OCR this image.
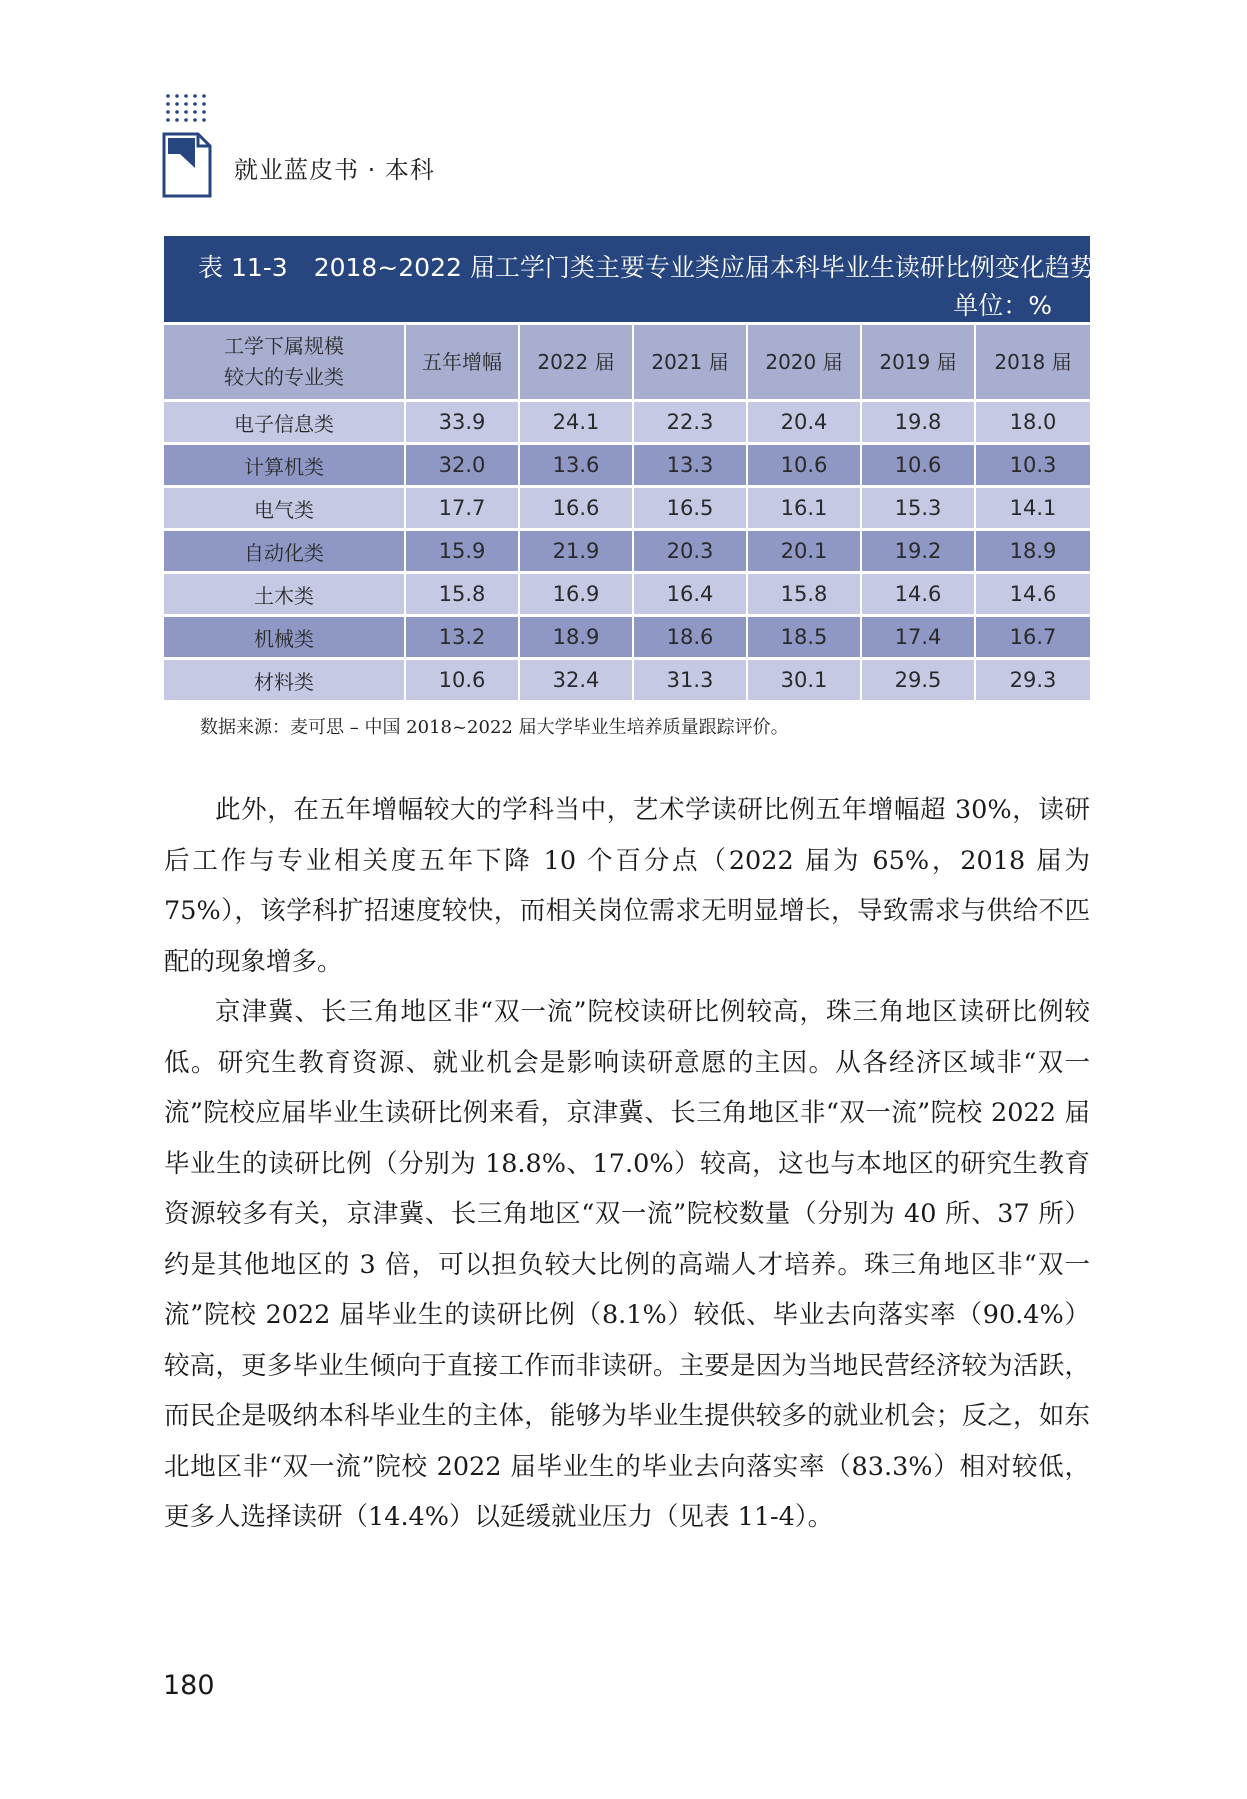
就业蓝皮书 · 本科
表 11-3 2018~2022 届工学门类主要专业类应届本科毕业生读研比例变化趋势
单位：%
工学下属规模
较大的专业类	五年增幅	2022 届	2021 届	2020 届	2019 届	2018 届
电子信息类	33.9	24.1	22.3	20.4	19.8	18.0
计算机类	32.0	13.6	13.3	10.6	10.6	10.3
电气类	17.7	16.6	16.5	16.1	15.3	14.1
自动化类	15.9	21.9	20.3	20.1	19.2	18.9
土木类	15.8	16.9	16.4	15.8	14.6	14.6
机械类	13.2	18.9	18.6	18.5	17.4	16.7
材料类	10.6	32.4	31.3	30.1	29.5	29.3
数据来源：麦可思 – 中国 2018~2022 届大学毕业生培养质量跟踪评价。

此外，在五年增幅较大的学科当中，艺术学读研比例五年增幅超 30%，读研后工作与专业相关度五年下降 10 个百分点（2022 届为 65%，2018 届为 75%），该学科扩招速度较快，而相关岗位需求无明显增长，导致需求与供给不匹配的现象增多。

京津冀、长三角地区非“双一流”院校读研比例较高，珠三角地区读研比例较低。研究生教育资源、就业机会是影响读研意愿的主因。从各经济区域非“双一流”院校应届毕业生读研比例来看，京津冀、长三角地区非“双一流”院校 2022 届毕业生的读研比例（分别为 18.8%、17.0%）较高，这也与本地区的研究生教育资源较多有关，京津冀、长三角地区“双一流”院校数量（分别为 40 所、37 所）约是其他地区的 3 倍，可以担负较大比例的高端人才培养。珠三角地区非“双一流”院校 2022 届毕业生的读研比例（8.1%）较低、毕业去向落实率（90.4%）较高，更多毕业生倾向于直接工作而非读研。主要是因为当地民营经济较为活跃，而民企是吸纳本科毕业生的主体，能够为毕业生提供较多的就业机会；反之，如东北地区非“双一流”院校 2022 届毕业生的毕业去向落实率（83.3%）相对较低，更多人选择读研（14.4%）以延缓就业压力（见表 11-4）。

180
